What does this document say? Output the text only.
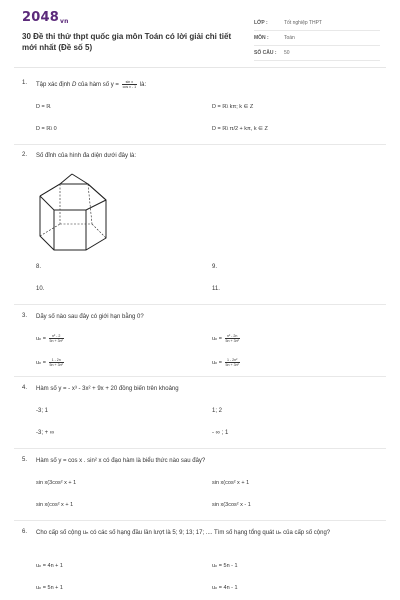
2048vn
30 Đề thi thử thpt quốc gia môn Toán có lời giải chi tiết mới nhất (Đề số 5)
LỚP :	Tốt nghiệp THPT
MÔN :	Toán
SỐ CÂU : 50
1. Tập xác định D của hàm số $y = \frac{\text{sin x}}{\text{cos x - 1}}$ là:
D = ℝ	D = ℝ\ kπ; k ∈ Z
D = ℝ\ 0	D = ℝ\ π/2 + kπ, k ∈ Z
2. Số đỉnh của hình đa diện dưới đây là:
8.	9.
10.	11.
3. Dãy số nào sau đây có giới hạn bằng 0?
$u_n = \frac{\text{n² - 2}}{\text{5n + 3n²}}$	$u_n = \frac{\text{n² - 2n}}{\text{5n + 3n²}}$
$u_n = \frac{1 - 2n}{\text{5n + 3n²}}$	$u_n = \frac{\text{1 - 2n²}}{\text{5n + 3n²}}$
4. Hàm số y = - x³ - 3x² + 9x + 20 đồng biến trên khoảng
-3; 1	1; 2
-3; + ∞	- ∞ ; 1
5. Hàm số y = cos x . sin² x có đạo hàm là biểu thức nào sau đây?
sin x(3cos² x + 1	sin x(cos² x + 1
sin x(cos² x + 1	sin x(3cos² x - 1
6. Cho cấp số cộng uₙ có các số hạng đầu lần lượt là 5; 9; 13; 17; .... Tìm số hạng tổng quát uₙ của cấp số cộng?
uₙ = 4n + 1	uₙ = 5n - 1
uₙ = 5n + 1	uₙ = 4n - 1
